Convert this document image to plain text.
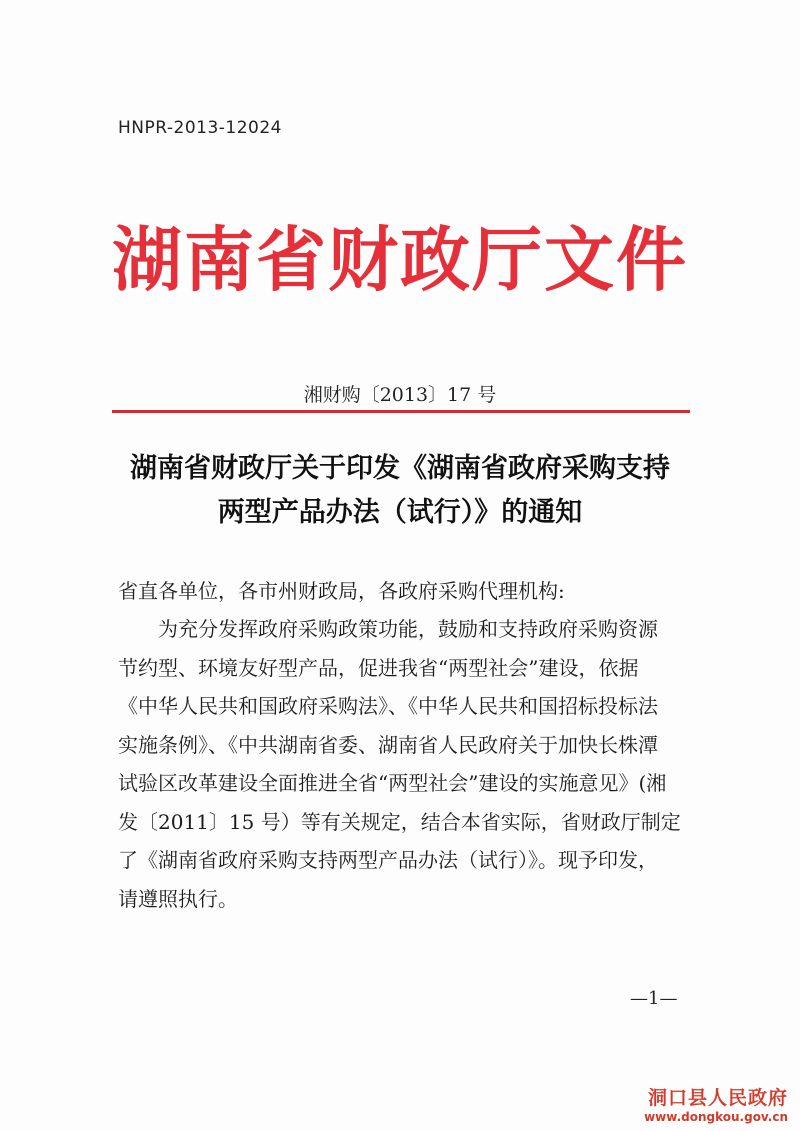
HNPR-2013-12024
湖南省财政厅文件
湘财购〔2013〕17 号
湖南省财政厅关于印发《湖南省政府采购支持
两型产品办法（试行）》的通知
省直各单位，各市州财政局，各政府采购代理机构:
为充分发挥政府采购政策功能，鼓励和支持政府采购资源
节约型、环境友好型产品，促进我省“两型社会”建设，依据
《中华人民共和国政府采购法》、《中华人民共和国招标投标法
实施条例》、《中共湖南省委、湖南省人民政府关于加快长株潭
试验区改革建设全面推进全省“两型社会”建设的实施意见》(湘
发〔2011〕15 号）等有关规定，结合本省实际，省财政厅制定
了《湖南省政府采购支持两型产品办法（试行）》。现予印发，
请遵照执行。
—1—
洞口县人民政府
www.dongkou.gov.cn
